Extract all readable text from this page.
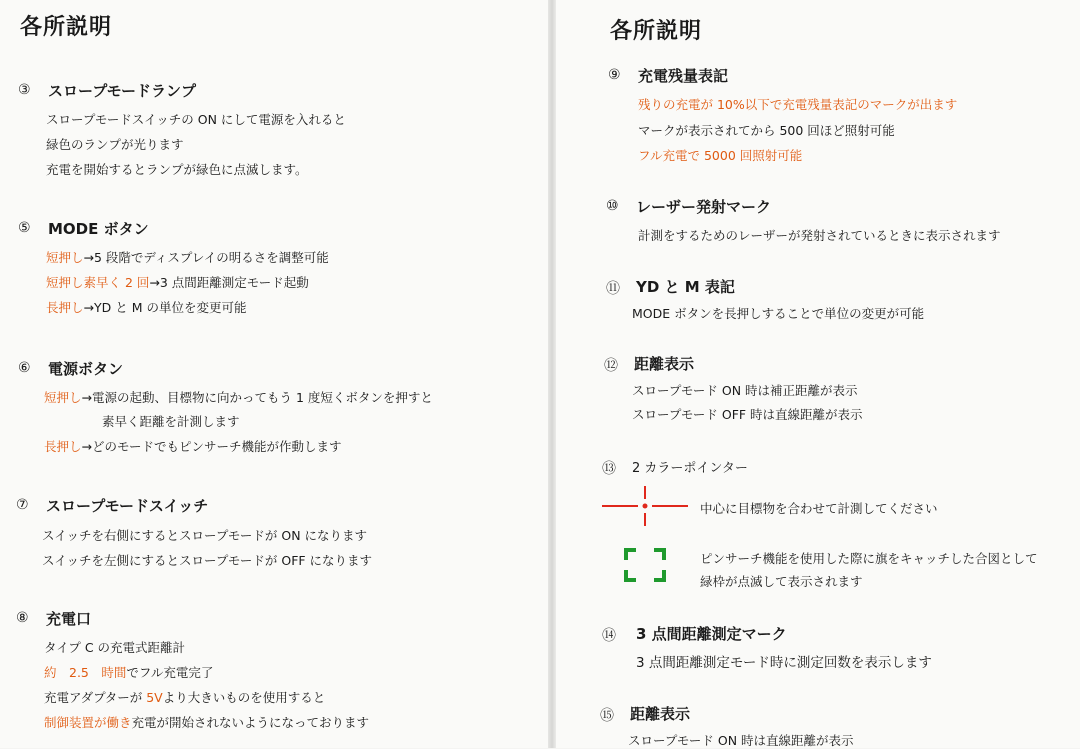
各所説明
③ スロープモードランプ
スロープモードスイッチの ON にして電源を入れると
緑色のランプが光ります
充電を開始するとランプが緑色に点滅します。
⑤ MODE ボタン
短押し→5 段階でディスプレイの明るさを調整可能
短押し素早く 2 回→3 点間距離測定モード起動
長押し→YD と M の単位を変更可能
⑥ 電源ボタン
短押し→電源の起動、目標物に向かってもう 1 度短くボタンを押すと
素早く距離を計測します
長押し→どのモードでもピンサーチ機能が作動します
⑦ スロープモードスイッチ
スイッチを右側にするとスロープモードが ON になります
スイッチを左側にするとスロープモードが OFF になります
⑧ 充電口
タイプ C の充電式距離計
約　2.5　時間でフル充電完了
充電アダプターが 5Vより大きいものを使用すると
制御装置が働き充電が開始されないようになっております
各所説明
⑨ 充電残量表記
残りの充電が 10%以下で充電残量表記のマークが出ます
マークが表示されてから 500 回ほど照射可能
フル充電で 5000 回照射可能
⑩ レーザー発射マーク
計測をするためのレーザーが発射されているときに表示されます
⑪ YD と M 表記
MODE ボタンを長押しすることで単位の変更が可能
⑫ 距離表示
スロープモード ON 時は補正距離が表示
スロープモード OFF 時は直線距離が表示
⑬ 2 カラーポインター
中心に目標物を合わせて計測してください
ピンサーチ機能を使用した際に旗をキャッチした合図として
緑枠が点滅して表示されます
⑭ 3 点間距離測定マーク
3 点間距離測定モード時に測定回数を表示します
⑮ 距離表示
スロープモード ON 時は直線距離が表示
